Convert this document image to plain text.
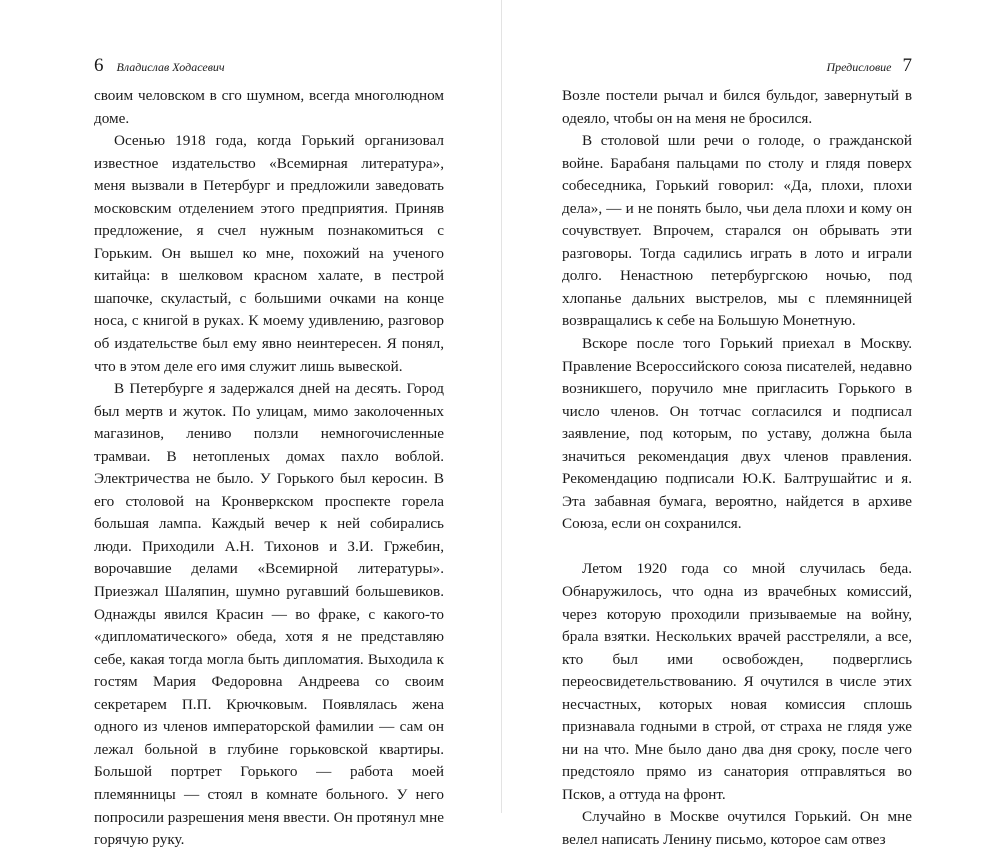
6 Владислав Ходасевич

своим человском в сго шумном, всегда многолюдном доме.

Осенью 1918 года, когда Горький организовал известное издательство «Всемирная литература», меня вызвали в Петербург и предложили заведовать московским отделением этого предприятия. Приняв предложение, я счел нужным познакомиться с Горьким. Он вышел ко мне, похожий на ученого китайца: в шелковом красном халате, в пестрой шапочке, скуластый, с большими очками на конце носа, с книгой в руках. К моему удивлению, разговор об издательстве был ему явно неинтересен. Я понял, что в этом деле его имя служит лишь вывеской.

В Петербурге я задержался дней на десять. Город был мертв и жуток. По улицам, мимо заколоченных магазинов, лениво ползли немногочисленные трамваи. В нетопленых домах пахло воблой. Электричества не было. У Горького был керосин. В его столовой на Кронверкском проспекте горела большая лампа. Каждый вечер к ней собирались люди. Приходили А.Н. Тихонов и З.И. Гржебин, ворочавшие делами «Всемирной литературы». Приезжал Шаляпин, шумно ругавший большевиков. Однажды явился Красин — во фраке, с какого-то «дипломатического» обеда, хотя я не представляю себе, какая тогда могла быть дипломатия. Выходила к гостям Мария Федоровна Андреева со своим секретарем П.П. Крючковым. Появлялась жена одного из членов императорской фамилии — сам он лежал больной в глубине горьковской квартиры. Большой портрет Горького — работа моей племянницы — стоял в комнате больного. У него попросили разрешения меня ввести. Он протянул мне горячую руку.

Предисловие 7

Возле постели рычал и бился бульдог, завернутый в одеяло, чтобы он на меня не бросился.

В столовой шли речи о голоде, о гражданской войне. Барабаня пальцами по столу и глядя поверх собеседника, Горький говорил: «Да, плохи, плохи дела», — и не понять было, чьи дела плохи и кому он сочувствует. Впрочем, старался он обрывать эти разговоры. Тогда садились играть в лото и играли долго. Ненастною петербургскою ночью, под хлопанье дальних выстрелов, мы с племянницей возвращались к себе на Большую Монетную.

Вскоре после того Горький приехал в Москву. Правление Всероссийского союза писателей, недавно возникшего, поручило мне пригласить Горького в число членов. Он тотчас согласился и подписал заявление, под которым, по уставу, должна была значиться рекомендация двух членов правления. Рекомендацию подписали Ю.К. Балтрушайтис и я. Эта забавная бумага, вероятно, найдется в архиве Союза, если он сохранился.

Летом 1920 года со мной случилась беда. Обнаружилось, что одна из врачебных комиссий, через которую проходили призываемые на войну, брала взятки. Нескольких врачей расстреляли, а все, кто был ими освобожден, подверглись переосвидетельствованию. Я очутился в числе этих несчастных, которых новая комиссия сплошь признавала годными в строй, от страха не глядя уже ни на что. Мне было дано два дня сроку, после чего предстояло прямо из санатория отправляться во Псков, а оттуда на фронт.

Случайно в Москве очутился Горький. Он мне велел написать Ленину письмо, которое сам отвез
